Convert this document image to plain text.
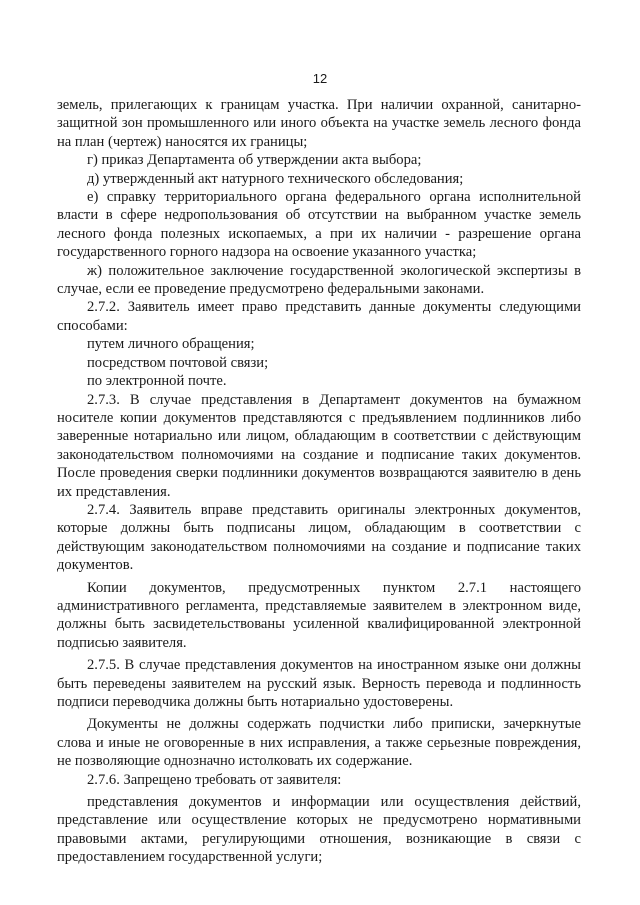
12

земель, прилегающих к границам участка. При наличии охранной, санитарно-защитной зон промышленного или иного объекта на участке земель лесного фонда на план (чертеж) наносятся их границы;

г) приказ Департамента об утверждении акта выбора;

д) утвержденный акт натурного технического обследования;

е) справку территориального органа федерального органа исполнительной власти в сфере недропользования об отсутствии на выбранном участке земель лесного фонда полезных ископаемых, а при их наличии - разрешение органа государственного горного надзора на освоение указанного участка;

ж) положительное заключение государственной экологической экспертизы в случае, если ее проведение предусмотрено федеральными законами.

2.7.2. Заявитель имеет право представить данные документы следующими способами:

путем личного обращения;

посредством почтовой связи;

по электронной почте.

2.7.3. В случае представления в Департамент документов на бумажном носителе копии документов представляются с предъявлением подлинников либо заверенные нотариально или лицом, обладающим в соответствии с действующим законодательством полномочиями на создание и подписание таких документов. После проведения сверки подлинники документов возвращаются заявителю в день их представления.

2.7.4. Заявитель вправе представить оригиналы электронных документов, которые должны быть подписаны лицом, обладающим в соответствии с действующим законодательством полномочиями на создание и подписание таких документов.

Копии документов, предусмотренных пунктом 2.7.1 настоящего административного регламента, представляемые заявителем в электронном виде, должны быть засвидетельствованы усиленной квалифицированной электронной подписью заявителя.

2.7.5. В случае представления документов на иностранном языке они должны быть переведены заявителем на русский язык. Верность перевода и подлинность подписи переводчика должны быть нотариально удостоверены.

Документы не должны содержать подчистки либо приписки, зачеркнутые слова и иные не оговоренные в них исправления, а также серьезные повреждения, не позволяющие однозначно истолковать их содержание.

2.7.6. Запрещено требовать от заявителя:

представления документов и информации или осуществления действий, представление или осуществление которых не предусмотрено нормативными правовыми актами, регулирующими отношения, возникающие в связи с предоставлением государственной услуги;
